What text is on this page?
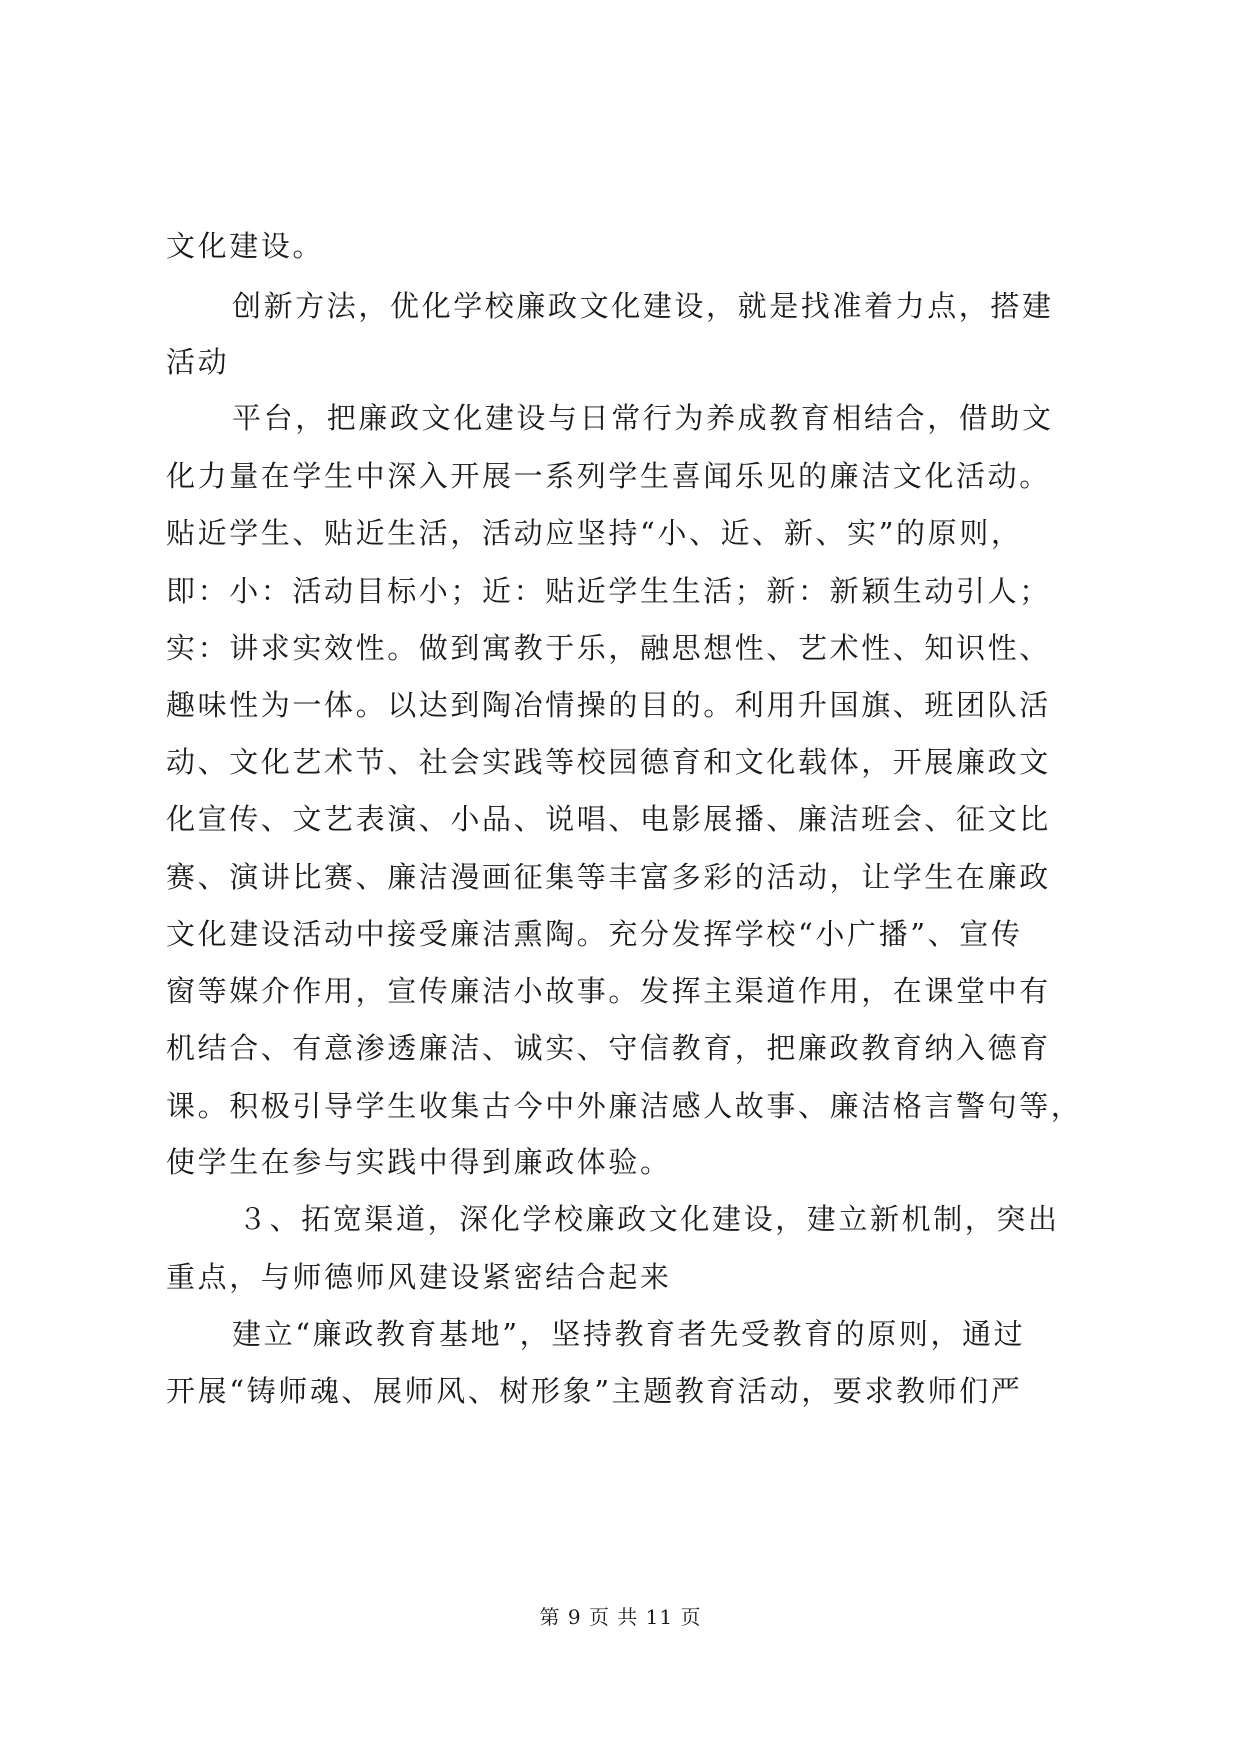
文化建设。
创新方法，优化学校廉政文化建设，就是找准着力点，搭建
活动
平台，把廉政文化建设与日常行为养成教育相结合，借助文
化力量在学生中深入开展一系列学生喜闻乐见的廉洁文化活动。
贴近学生、贴近生活，活动应坚持“小、近、新、实”的原则，
即：小：活动目标小；近：贴近学生生活；新：新颖生动引人；
实：讲求实效性。做到寓教于乐，融思想性、艺术性、知识性、
趣味性为一体。以达到陶冶情操的目的。利用升国旗、班团队活
动、文化艺术节、社会实践等校园德育和文化载体，开展廉政文
化宣传、文艺表演、小品、说唱、电影展播、廉洁班会、征文比
赛、演讲比赛、廉洁漫画征集等丰富多彩的活动，让学生在廉政
文化建设活动中接受廉洁熏陶。充分发挥学校“小广播”、宣传
窗等媒介作用，宣传廉洁小故事。发挥主渠道作用，在课堂中有
机结合、有意渗透廉洁、诚实、守信教育，把廉政教育纳入德育
课。积极引导学生收集古今中外廉洁感人故事、廉洁格言警句等，
使学生在参与实践中得到廉政体验。
３、拓宽渠道，深化学校廉政文化建设，建立新机制，突出
重点，与师德师风建设紧密结合起来
建立“廉政教育基地”，坚持教育者先受教育的原则，通过
开展“铸师魂、展师风、树形象”主题教育活动，要求教师们严
第 9 页 共 11 页
